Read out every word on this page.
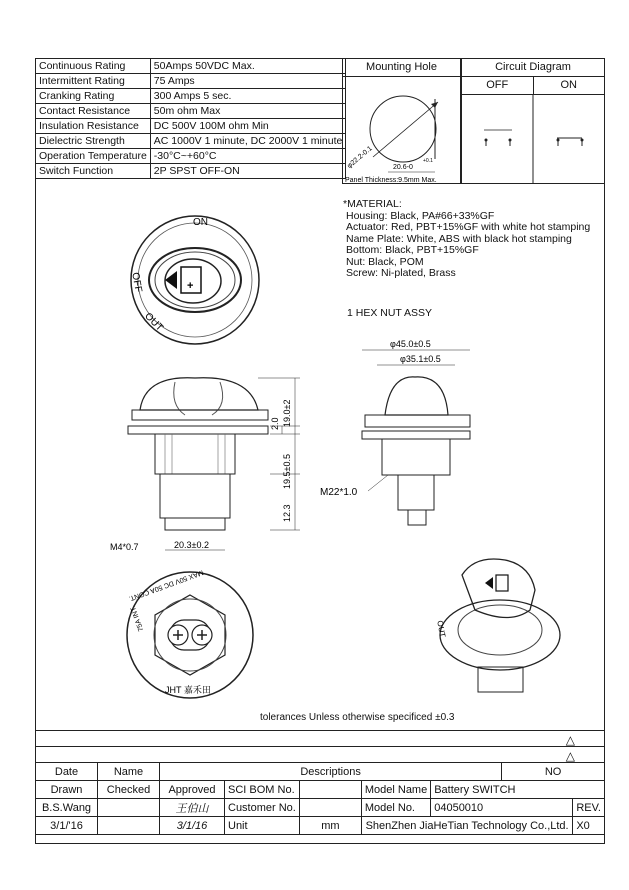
Continuous Rating	50Amps 50VDC Max.
Intermittent Rating	75 Amps
Cranking Rating	300 Amps 5 sec.
Contact Resistance	50m ohm Max
Insulation Resistance	DC 500V 100M ohm Min
Dielectric Strength	AC 1000V 1 minute, DC 2000V 1 minute
Operation Temperature	-30°C~+60°C
Switch Function	2P SPST OFF-ON
Mounting Hole
φ22.2-0.1	20.6-0
+0.1
Panel Thickness:9.5mm Max.
Circuit Diagram
OFF	ON
+
ON
OFF
OUT
*MATERIAL:
Housing: Black, PA#66+33%GF
Actuator: Red, PBT+15%GF with white hot stamping
Name Plate: White, ABS with black hot stamping
Bottom: Black, PBT+15%GF
Nut: Black, POM
Screw: Ni-plated, Brass
1 HEX NUT ASSY
19.0±2
2.0
19.5±0.5
12.3
20.3±0.2
M4*0.7
φ45.0±0.5
φ35.1±0.5
M22*1.0
MAX 50V DC 50A CONT.
75A INT.
JHT 嘉禾田
OUT
tolerances Unless otherwise specificed ±0.3
△
△
Date	Name	Descriptions					NO	
Drawn	Checked	Approved	SCI BOM No.		Model Name	Battery SWITCH		
B.S.Wang		王伯山	Customer No.		Model No.	04050010		REV.
3/1/'16		3/1/16	Unit	mm	ShenZhen JiaHeTian Technology Co.,Ltd.			X0
